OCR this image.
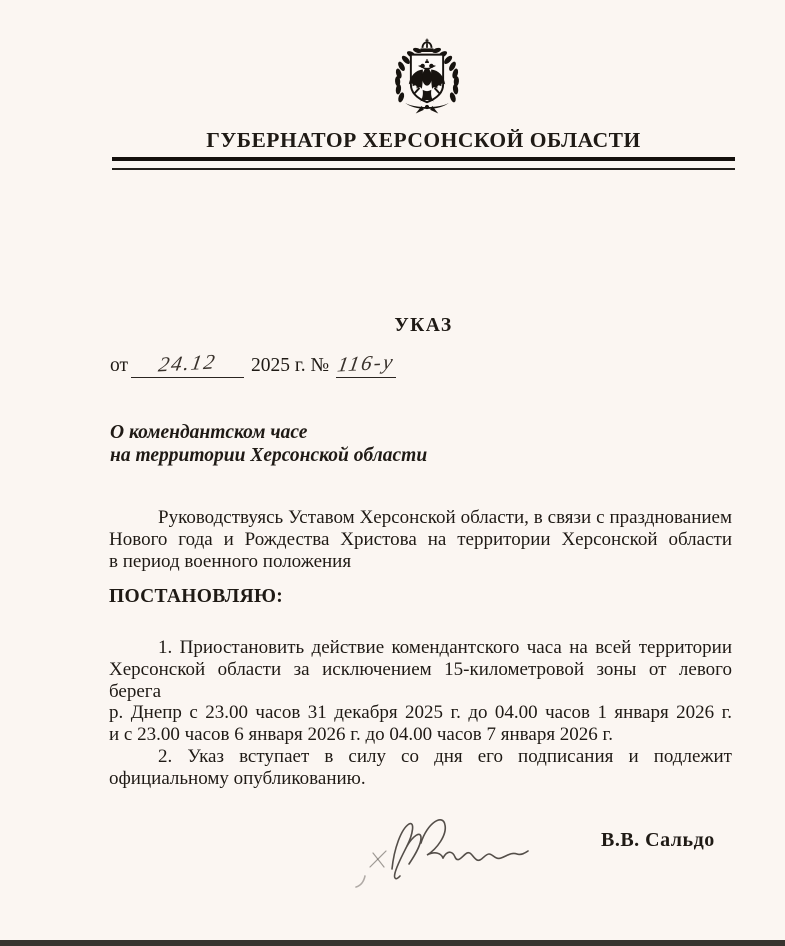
ГУБЕРНАТОР ХЕРСОНСКОЙ ОБЛАСТИ
УКАЗ
от 24.12 2025 г. № 116-у
О комендантском часе
на территории Херсонской области
Руководствуясь Уставом Херсонской области, в связи с празднованием
Нового года и Рождества Христова на территории Херсонской области
в период военного положения
ПОСТАНОВЛЯЮ:
1. Приостановить действие комендантского часа на всей территории
Херсонской области за исключением 15-километровой зоны от левого берега
р. Днепр с 23.00 часов 31 декабря 2025 г. до 04.00 часов 1 января 2026 г.
и с 23.00 часов 6 января 2026 г. до 04.00 часов 7 января 2026 г.
2. Указ вступает в силу со дня его подписания и подлежит
официальному опубликованию.
В.В. Сальдо
